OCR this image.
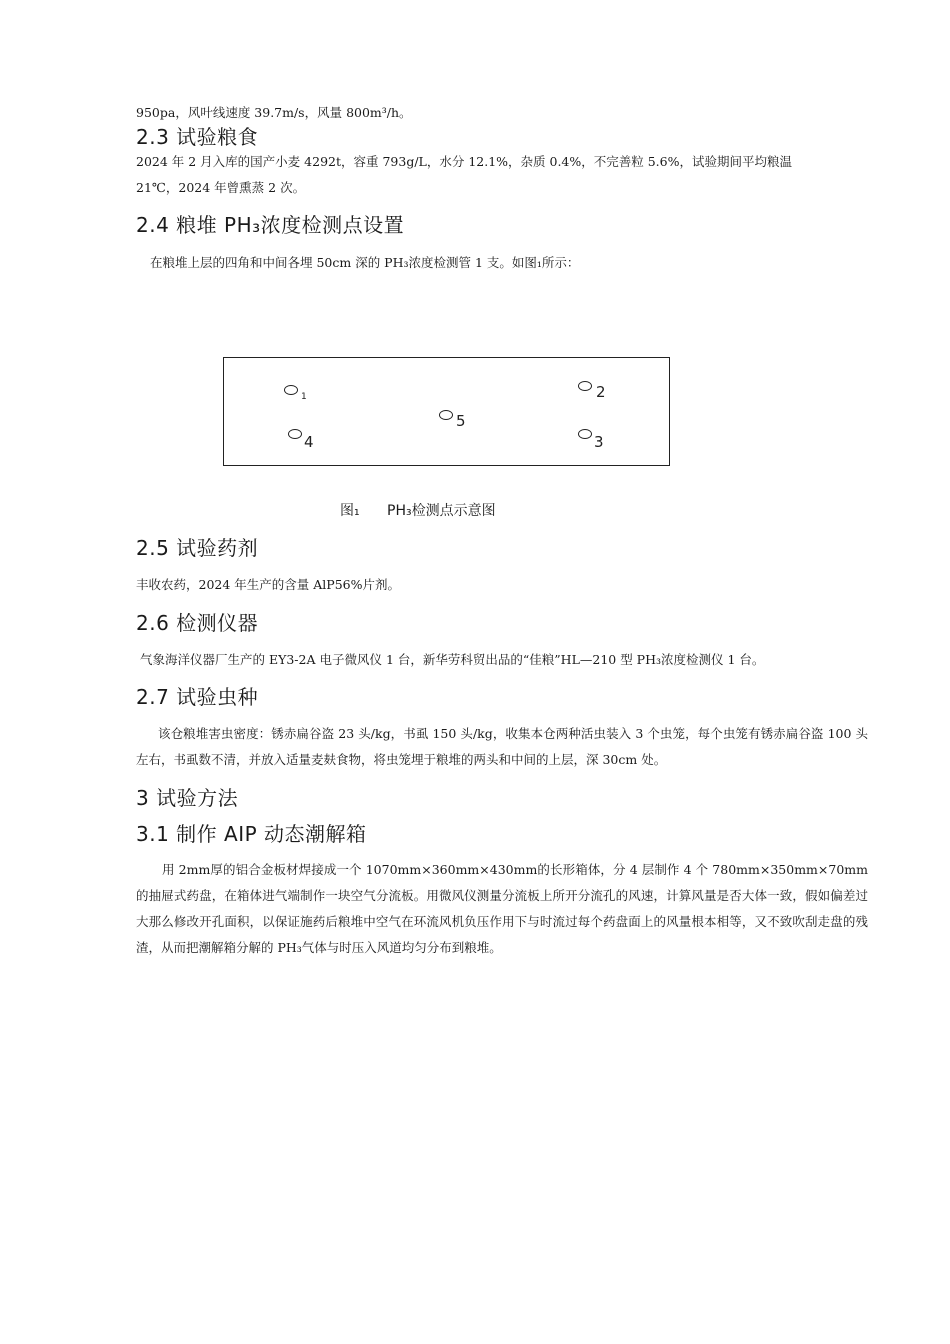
950pa，风叶线速度 39.7m/s，风量 800m³/h。
2.3 试验粮食
2024 年 2 月入库的国产小麦 4292t，容重 793g/L，水分 12.1%，杂质 0.4%，不完善粒 5.6%，试验期间平均粮温
21℃，2024 年曾熏蒸 2 次。
2.4 粮堆 PH₃浓度检测点设置
在粮堆上层的四角和中间各埋 50cm 深的 PH₃浓度检测管 1 支。如图₁所示：
1	2
5
4	3
图₁ PH₃检测点示意图
2.5 试验药剂
丰收农药，2024 年生产的含量 AlP56%片剂。
2.6 检测仪器
气象海洋仪器厂生产的 EY3-2A 电子微风仪 1 台，新华劳科贸出品的“佳粮”HL—210 型 PH₃浓度检测仪 1 台。
2.7 试验虫种
该仓粮堆害虫密度：锈赤扁谷盗 23 头/kg，书虱 150 头/kg，收集本仓两种活虫装入 3 个虫笼，每个虫笼有锈赤扁谷盗 100 头左右，书虱数不清，并放入适量麦麸食物，将虫笼埋于粮堆的两头和中间的上层，深 30cm 处。
3 试验方法
3.1 制作 AIP 动态潮解箱
用 2mm厚的铝合金板材焊接成一个 1070mm×360mm×430mm的长形箱体，分 4 层制作 4 个 780mm×350mm×70mm的抽屉式药盘，在箱体进气端制作一块空气分流板。用微风仪测量分流板上所开分流孔的风速，计算风量是否大体一致，假如偏差过大那么修改开孔面积，以保证施药后粮堆中空气在环流风机负压作用下与时流过每个药盘面上的风量根本相等，又不致吹刮走盘的残渣，从而把潮解箱分解的 PH₃气体与时压入风道均匀分布到粮堆。
